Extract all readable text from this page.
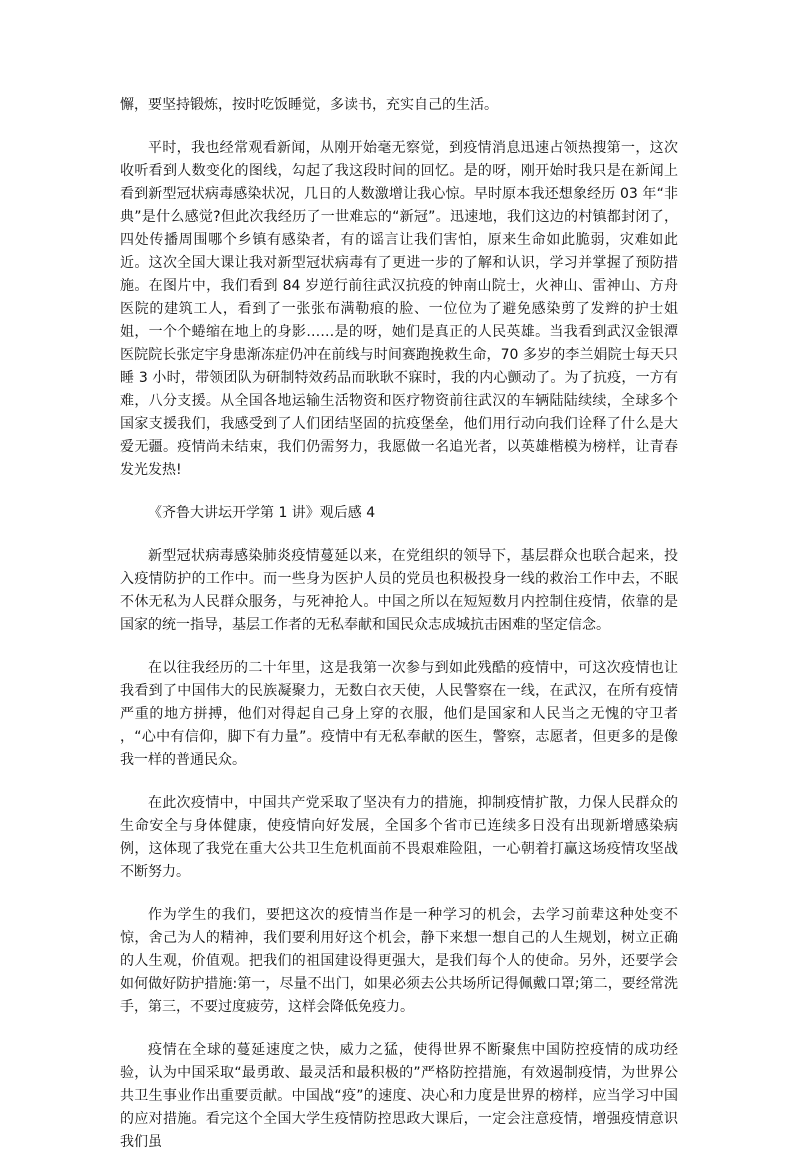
懈，要坚持锻炼，按时吃饭睡觉，多读书，充实自己的生活。

平时，我也经常观看新闻，从刚开始毫无察觉，到疫情消息迅速占领热搜第一，这次收听看到人数变化的图线，勾起了我这段时间的回忆。是的呀，刚开始时我只是在新闻上看到新型冠状病毒感染状况，几日的人数激增让我心惊。早时原本我还想象经历 03 年“非典”是什么感觉?但此次我经历了一世难忘的“新冠”。迅速地，我们这边的村镇都封闭了，四处传播周围哪个乡镇有感染者，有的谣言让我们害怕，原来生命如此脆弱，灾难如此近。这次全国大课让我对新型冠状病毒有了更进一步的了解和认识，学习并掌握了预防措施。在图片中，我们看到 84 岁逆行前往武汉抗疫的钟南山院士，火神山、雷神山、方舟医院的建筑工人，看到了一张张布满勒痕的脸、一位位为了避免感染剪了发辫的护士姐姐，一个个蜷缩在地上的身影……是的呀，她们是真正的人民英雄。当我看到武汉金银潭医院院长张定宇身患渐冻症仍冲在前线与时间赛跑挽救生命，70 多岁的李兰娟院士每天只睡 3 小时，带领团队为研制特效药品而耿耿不寐时，我的内心颤动了。为了抗疫，一方有难，八分支援。从全国各地运输生活物资和医疗物资前往武汉的车辆陆陆续续，全球多个国家支援我们，我感受到了人们团结坚固的抗疫堡垒，他们用行动向我们诠释了什么是大爱无疆。疫情尚未结束，我们仍需努力，我愿做一名追光者，以英雄楷模为榜样，让青春发光发热!

《齐鲁大讲坛开学第 1 讲》观后感 4

新型冠状病毒感染肺炎疫情蔓延以来，在党组织的领导下，基层群众也联合起来，投入疫情防护的工作中。而一些身为医护人员的党员也积极投身一线的救治工作中去，不眠不休无私为人民群众服务，与死神抢人。中国之所以在短短数月内控制住疫情，依靠的是国家的统一指导，基层工作者的无私奉献和国民众志成城抗击困难的坚定信念。

在以往我经历的二十年里，这是我第一次参与到如此残酷的疫情中，可这次疫情也让我看到了中国伟大的民族凝聚力，无数白衣天使，人民警察在一线，在武汉，在所有疫情严重的地方拼搏，他们对得起自己身上穿的衣服，他们是国家和人民当之无愧的守卫者 ，“心中有信仰，脚下有力量”。疫情中有无私奉献的医生，警察，志愿者，但更多的是像我一样的普通民众。

在此次疫情中，中国共产党采取了坚决有力的措施，抑制疫情扩散，力保人民群众的生命安全与身体健康，使疫情向好发展，全国多个省市已连续多日没有出现新增感染病例，这体现了我党在重大公共卫生危机面前不畏艰难险阻，一心朝着打赢这场疫情攻坚战不断努力。

作为学生的我们，要把这次的疫情当作是一种学习的机会，去学习前辈这种处变不惊，舍己为人的精神，我们要利用好这个机会，静下来想一想自己的人生规划，树立正确的人生观，价值观。把我们的祖国建设得更强大，是我们每个人的使命。另外，还要学会如何做好防护措施:第一，尽量不出门，如果必须去公共场所记得佩戴口罩;第二，要经常洗手，第三，不要过度疲劳，这样会降低免疫力。

疫情在全球的蔓延速度之快，威力之猛，使得世界不断聚焦中国防控疫情的成功经验，认为中国采取“最勇敢、最灵活和最积极的”严格防控措施，有效遏制疫情，为世界公共卫生事业作出重要贡献。中国战“疫”的速度、决心和力度是世界的榜样，应当学习中国的应对措施。看完这个全国大学生疫情防控思政大课后，一定会注意疫情，增强疫情意识我们虽
